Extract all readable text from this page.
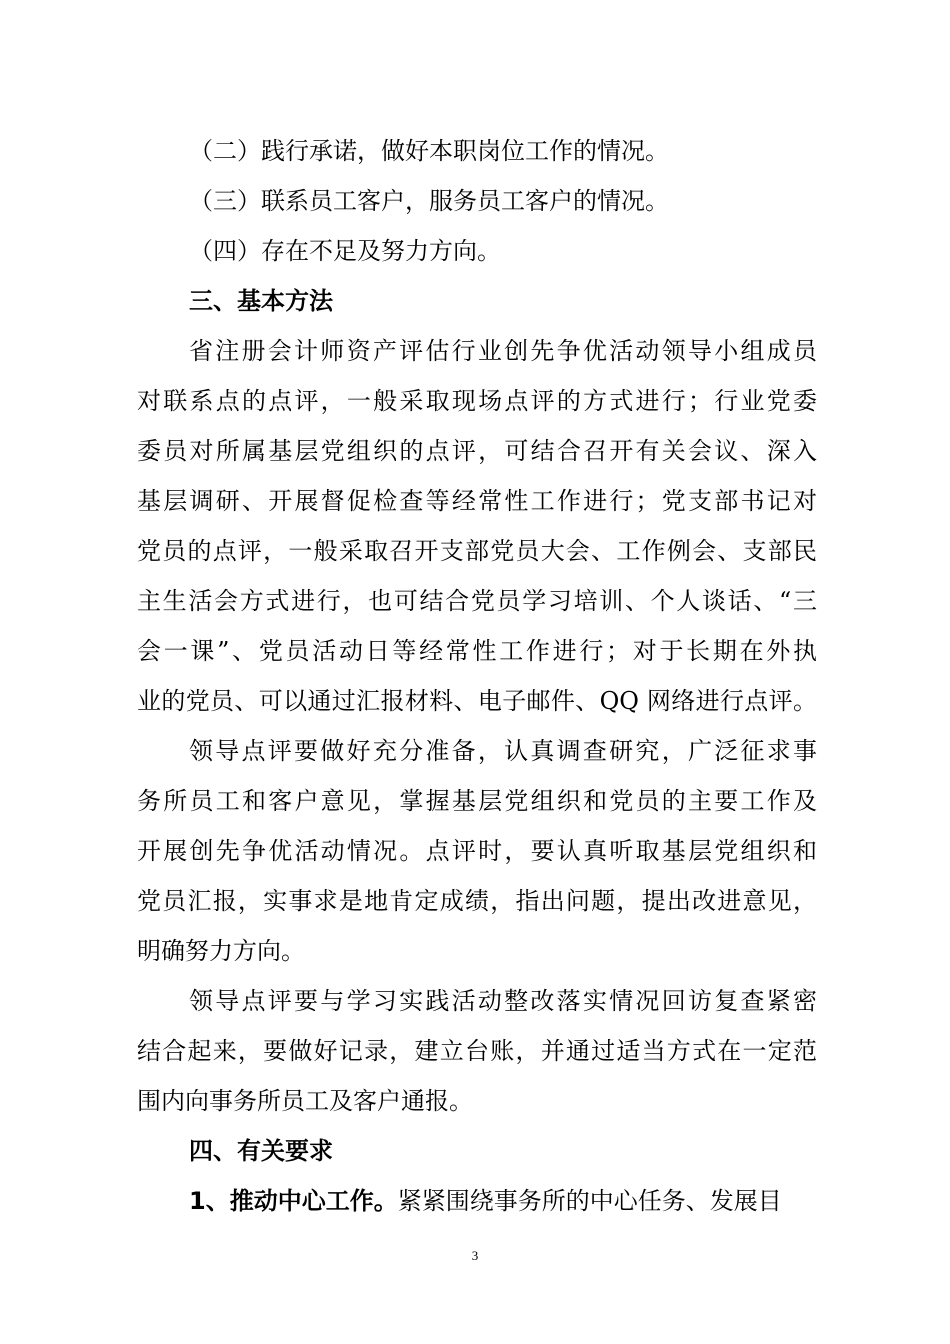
（二）践行承诺，做好本职岗位工作的情况。
（三）联系员工客户，服务员工客户的情况。
（四）存在不足及努力方向。
三、基本方法
省注册会计师资产评估行业创先争优活动领导小组成员
对联系点的点评，一般采取现场点评的方式进行；行业党委
委员对所属基层党组织的点评，可结合召开有关会议、深入
基层调研、开展督促检查等经常性工作进行；党支部书记对
党员的点评，一般采取召开支部党员大会、工作例会、支部民
主生活会方式进行，也可结合党员学习培训、个人谈话、“三
会一课”、党员活动日等经常性工作进行；对于长期在外执
业的党员、可以通过汇报材料、电子邮件、QQ 网络进行点评。
领导点评要做好充分准备，认真调查研究，广泛征求事
务所员工和客户意见，掌握基层党组织和党员的主要工作及
开展创先争优活动情况。点评时，要认真听取基层党组织和
党员汇报，实事求是地肯定成绩，指出问题，提出改进意见，
明确努力方向。
领导点评要与学习实践活动整改落实情况回访复查紧密
结合起来，要做好记录，建立台账，并通过适当方式在一定范
围内向事务所员工及客户通报。
四、有关要求
1、推动中心工作。紧紧围绕事务所的中心任务、发展目
3
